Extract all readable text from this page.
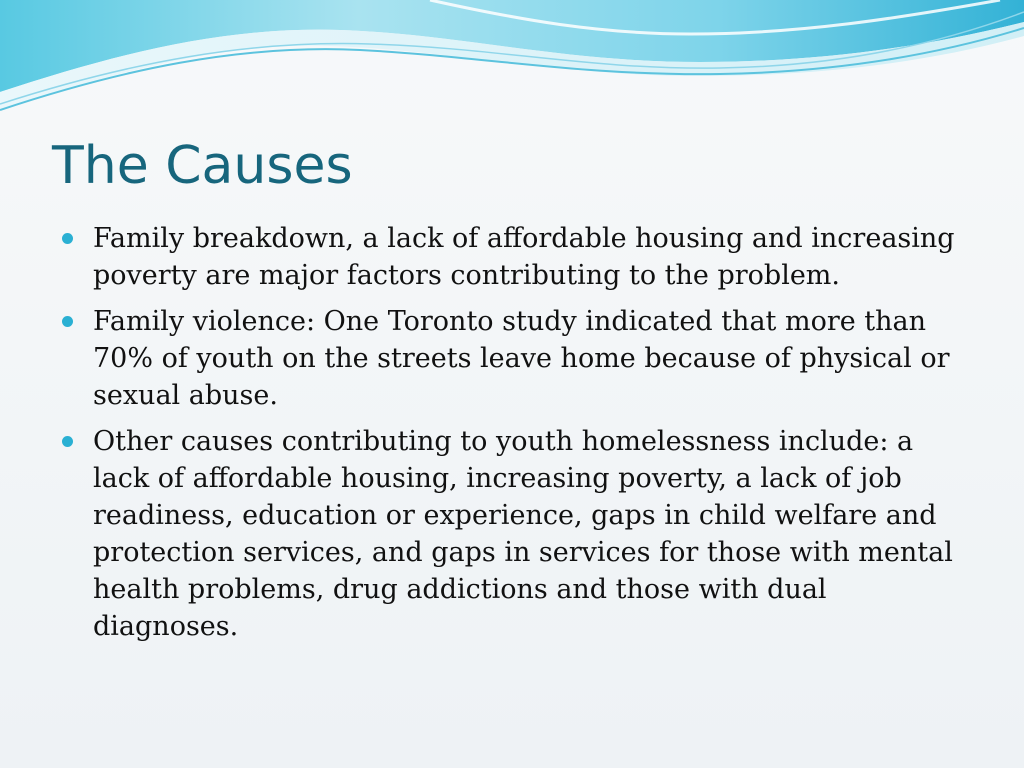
The Causes
Family breakdown, a lack of affordable housing and increasing poverty are major factors contributing to the problem.
Family violence: One Toronto study indicated that more than 70% of youth on the streets leave home because of physical or sexual abuse.
Other causes contributing to youth homelessness include: a lack of affordable housing, increasing poverty, a lack of job readiness, education or experience, gaps in child welfare and protection services, and gaps in services for those with mental health problems, drug addictions and those with dual diagnoses.
